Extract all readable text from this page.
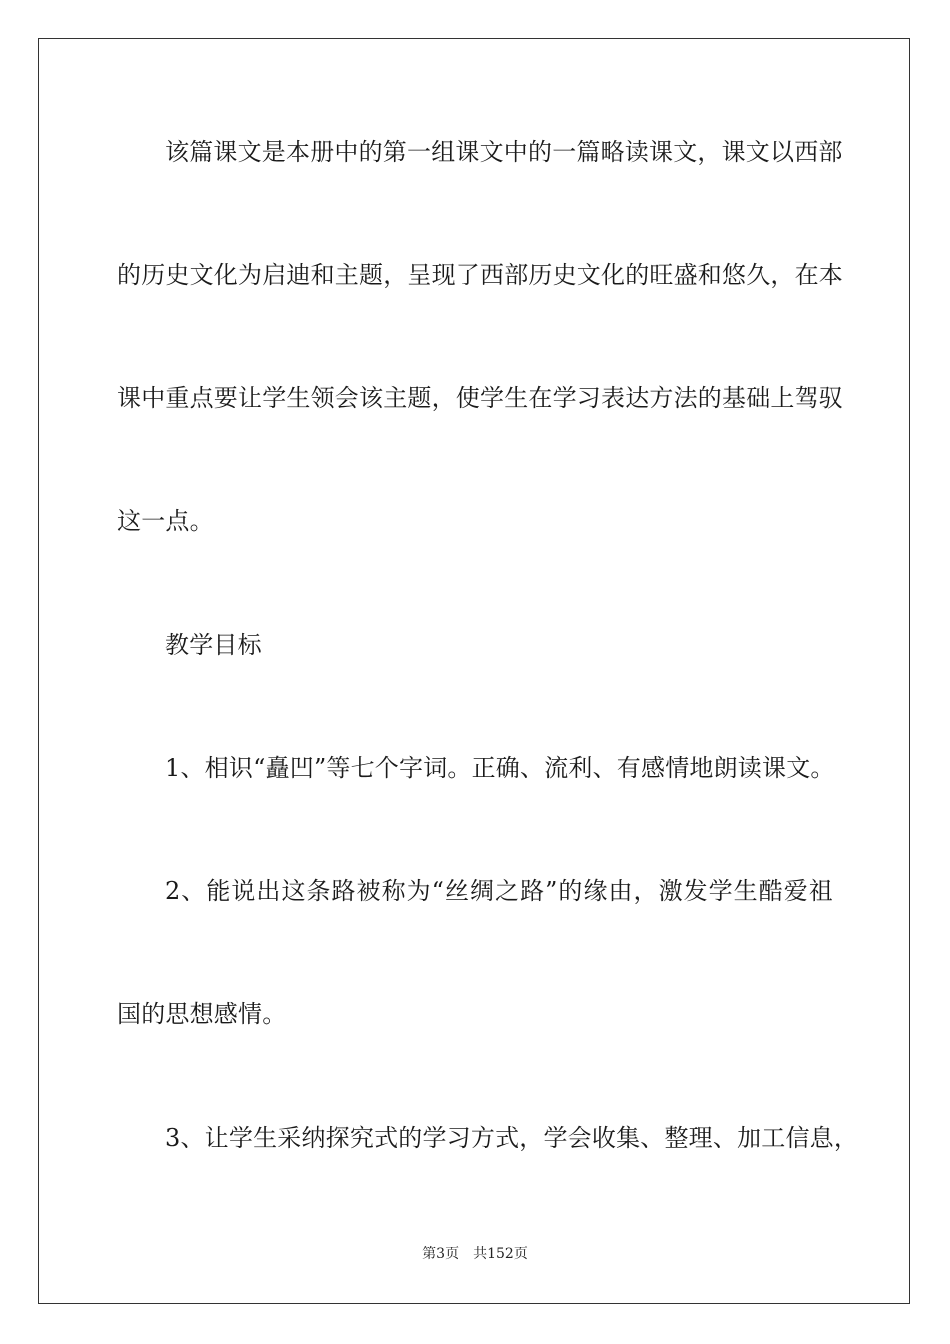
该篇课文是本册中的第一组课文中的一篇略读课文，课文以西部
的历史文化为启迪和主题，呈现了西部历史文化的旺盛和悠久，在本
课中重点要让学生领会该主题，使学生在学习表达方法的基础上驾驭
这一点。
教学目标
1、相识“矗凹”等七个字词。正确、流利、有感情地朗读课文。
2、能说出这条路被称为“丝绸之路”的缘由，激发学生酷爱祖
国的思想感情。
3、让学生采纳探究式的学习方式，学会收集、整理、加工信息，
第3页 共152页
